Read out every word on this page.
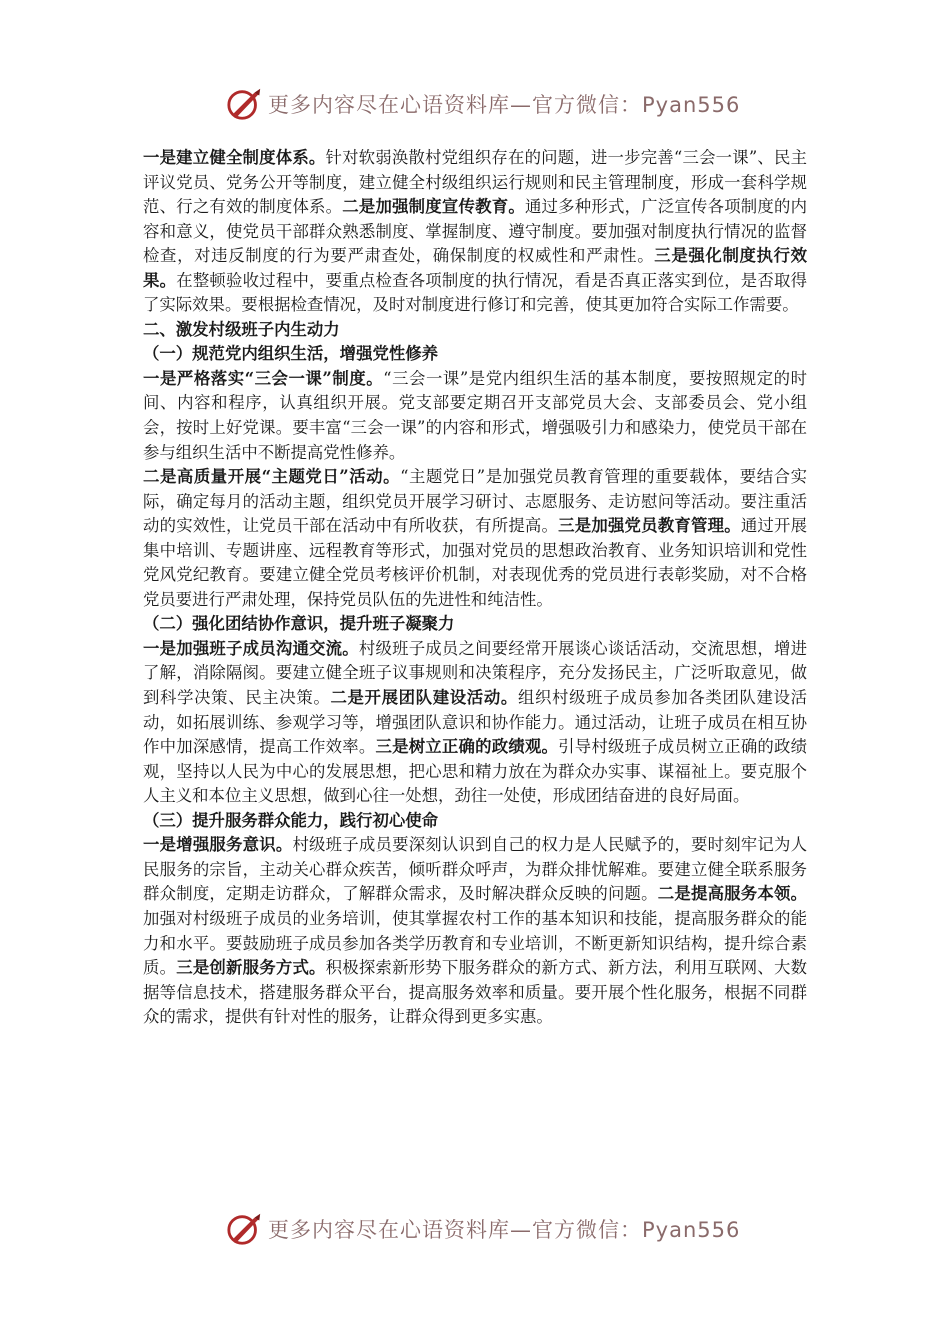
更多内容尽在心语资料库—官方微信：Pyan556

一是建立健全制度体系。针对软弱涣散村党组织存在的问题，进一步完善“三会一课”、民主评议党员、党务公开等制度，建立健全村级组织运行规则和民主管理制度，形成一套科学规范、行之有效的制度体系。二是加强制度宣传教育。通过多种形式，广泛宣传各项制度的内容和意义，使党员干部群众熟悉制度、掌握制度、遵守制度。要加强对制度执行情况的监督检查，对违反制度的行为要严肃查处，确保制度的权威性和严肃性。三是强化制度执行效果。在整顿验收过程中，要重点检查各项制度的执行情况，看是否真正落实到位，是否取得了实际效果。要根据检查情况，及时对制度进行修订和完善，使其更加符合实际工作需要。

二、激发村级班子内生动力

（一）规范党内组织生活，增强党性修养

一是严格落实“三会一课”制度。“三会一课”是党内组织生活的基本制度，要按照规定的时间、内容和程序，认真组织开展。党支部要定期召开支部党员大会、支部委员会、党小组会，按时上好党课。要丰富“三会一课”的内容和形式，增强吸引力和感染力，使党员干部在参与组织生活中不断提高党性修养。

二是高质量开展“主题党日”活动。“主题党日”是加强党员教育管理的重要载体，要结合实际，确定每月的活动主题，组织党员开展学习研讨、志愿服务、走访慰问等活动。要注重活动的实效性，让党员干部在活动中有所收获，有所提高。三是加强党员教育管理。通过开展集中培训、专题讲座、远程教育等形式，加强对党员的思想政治教育、业务知识培训和党性党风党纪教育。要建立健全党员考核评价机制，对表现优秀的党员进行表彰奖励，对不合格党员要进行严肃处理，保持党员队伍的先进性和纯洁性。

（二）强化团结协作意识，提升班子凝聚力

一是加强班子成员沟通交流。村级班子成员之间要经常开展谈心谈话活动，交流思想，增进了解，消除隔阂。要建立健全班子议事规则和决策程序，充分发扬民主，广泛听取意见，做到科学决策、民主决策。二是开展团队建设活动。组织村级班子成员参加各类团队建设活动，如拓展训练、参观学习等，增强团队意识和协作能力。通过活动，让班子成员在相互协作中加深感情，提高工作效率。三是树立正确的政绩观。引导村级班子成员树立正确的政绩观，坚持以人民为中心的发展思想，把心思和精力放在为群众办实事、谋福祉上。要克服个人主义和本位主义思想，做到心往一处想，劲往一处使，形成团结奋进的良好局面。

（三）提升服务群众能力，践行初心使命

一是增强服务意识。村级班子成员要深刻认识到自己的权力是人民赋予的，要时刻牢记为人民服务的宗旨，主动关心群众疾苦，倾听群众呼声，为群众排忧解难。要建立健全联系服务群众制度，定期走访群众，了解群众需求，及时解决群众反映的问题。二是提高服务本领。加强对村级班子成员的业务培训，使其掌握农村工作的基本知识和技能，提高服务群众的能力和水平。要鼓励班子成员参加各类学历教育和专业培训，不断更新知识结构，提升综合素质。三是创新服务方式。积极探索新形势下服务群众的新方式、新方法，利用互联网、大数据等信息技术，搭建服务群众平台，提高服务效率和质量。要开展个性化服务，根据不同群众的需求，提供有针对性的服务，让群众得到更多实惠。

更多内容尽在心语资料库—官方微信：Pyan556
